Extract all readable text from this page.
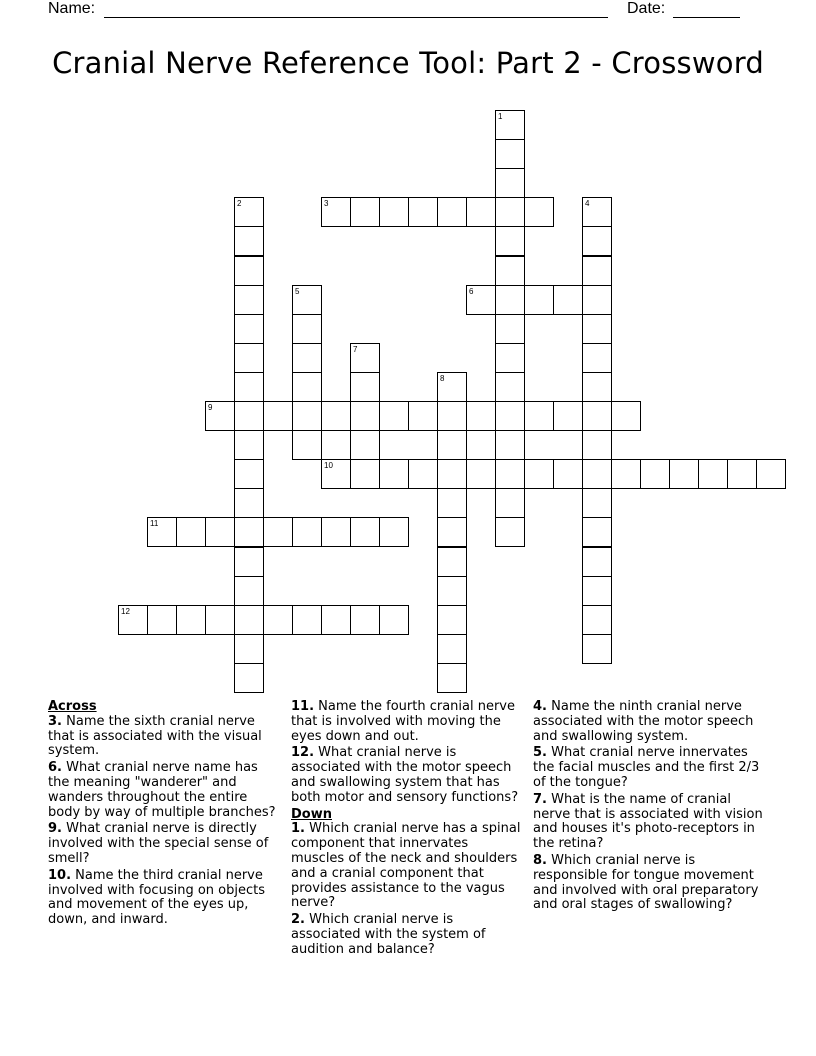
Name:	Date:
Cranial Nerve Reference Tool: Part 2 - Crossword
1
2	3	4
5	6
7
8
9
10
11
12
Across
3. Name the sixth cranial nerve that is associated with the visual system.
6. What cranial nerve name has the meaning "wanderer" and wanders throughout the entire body by way of multiple branches?
9. What cranial nerve is directly involved with the special sense of smell?
10. Name the third cranial nerve involved with focusing on objects and movement of the eyes up, down, and inward.
11. Name the fourth cranial nerve that is involved with moving the eyes down and out.
12. What cranial nerve is associated with the motor speech and swallowing system that has both motor and sensory functions?
Down
1. Which cranial nerve has a spinal component that innervates muscles of the neck and shoulders and a cranial component that provides assistance to the vagus nerve?
2. Which cranial nerve is associated with the system of audition and balance?
4. Name the ninth cranial nerve associated with the motor speech and swallowing system.
5. What cranial nerve innervates the facial muscles and the first 2/3 of the tongue?
7. What is the name of cranial nerve that is associated with vision and houses it's photo-receptors in the retina?
8. Which cranial nerve is responsible for tongue movement and involved with oral preparatory and oral stages of swallowing?
